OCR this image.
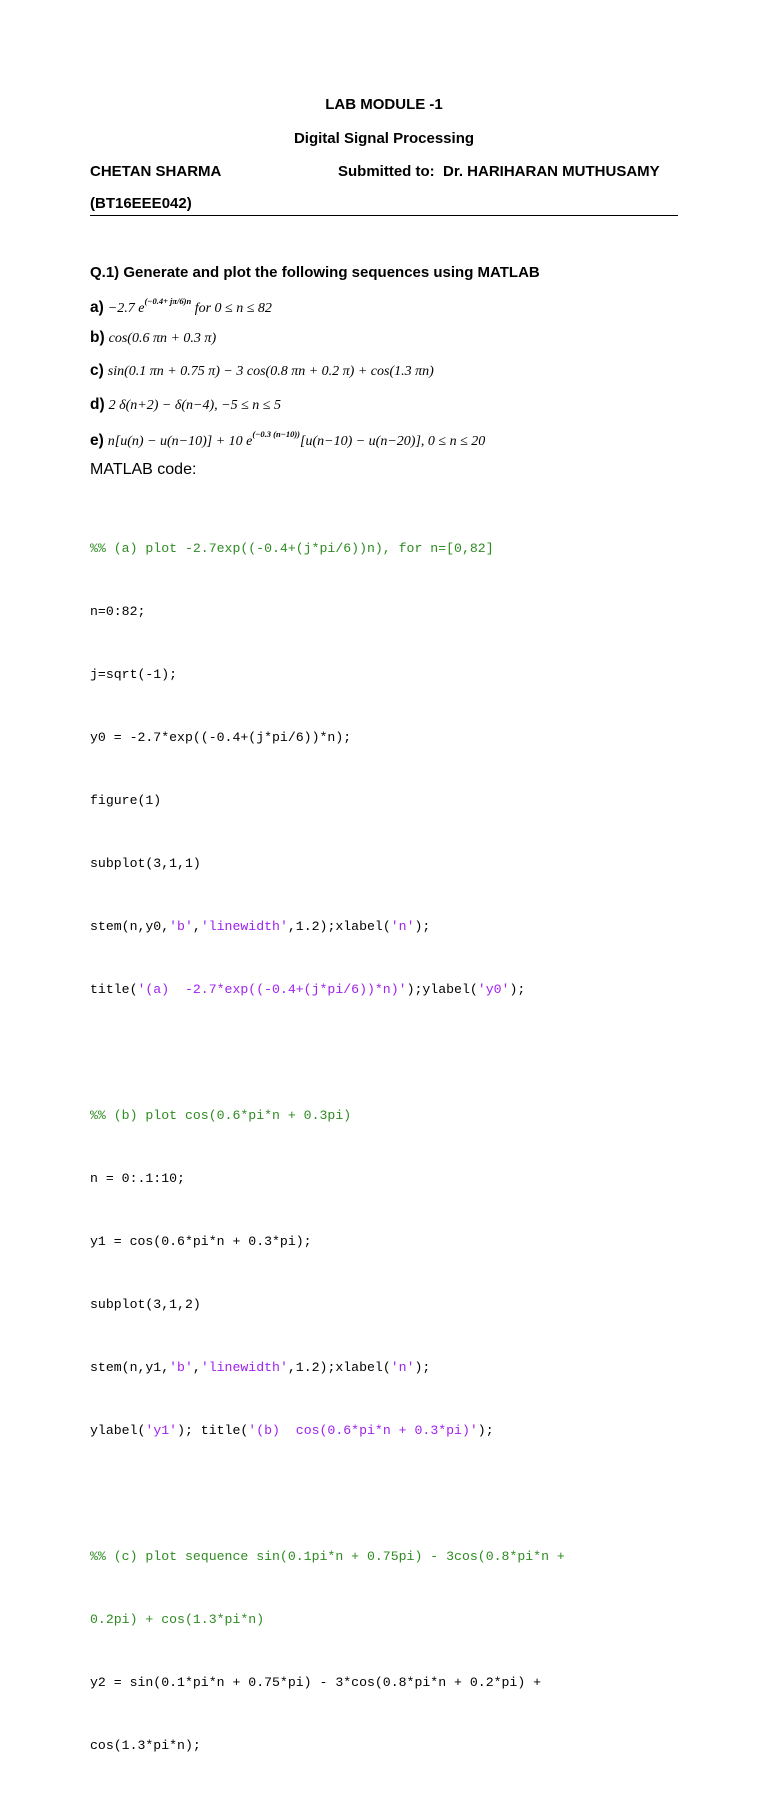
LAB MODULE -1
Digital Signal Processing
CHETAN SHARMA	Submitted to: Dr. HARIHARAN MUTHUSAMY
(BT16EEE042)
Q.1) Generate and plot the following sequences using MATLAB
a) −2.7 $e^{(-0.4+ j\pi/6)n}$ for 0 ≤ n ≤ 82
b) cos(0.6 πn + 0.3 π)
c) sin(0.1 πn + 0.75 π) − 3 cos(0.8 πn + 0.2 π) + cos(1.3 πn)
d) 2 δ(n+2) − δ(n−4), −5 ≤ n ≤ 5
e) n[u(n) − u(n−10)] + 10 $e^{(-0.3 (n-10))}[u(n-10) - u(n-20)]$, 0 ≤ n ≤ 20
MATLAB code:

%% (a) plot -2.7exp((-0.4+(j*pi/6))n), for n=[0,82]

n=0:82;

j=sqrt(-1);

y0 = -2.7*exp((-0.4+(j*pi/6))*n);

figure(1)

subplot(3,1,1)

stem(n,y0,'b','linewidth',1.2);xlabel('n');

title('(a)  -2.7*exp((-0.4+(j*pi/6))*n)');ylabel('y0');

%% (b) plot cos(0.6*pi*n + 0.3pi)

n = 0:.1:10;

y1 = cos(0.6*pi*n + 0.3*pi);

subplot(3,1,2)

stem(n,y1,'b','linewidth',1.2);xlabel('n');

ylabel('y1'); title('(b)  cos(0.6*pi*n + 0.3*pi)');

%% (c) plot sequence sin(0.1pi*n + 0.75pi) - 3cos(0.8*pi*n +

0.2pi) + cos(1.3*pi*n)

y2 = sin(0.1*pi*n + 0.75*pi) - 3*cos(0.8*pi*n + 0.2*pi) +

cos(1.3*pi*n);
